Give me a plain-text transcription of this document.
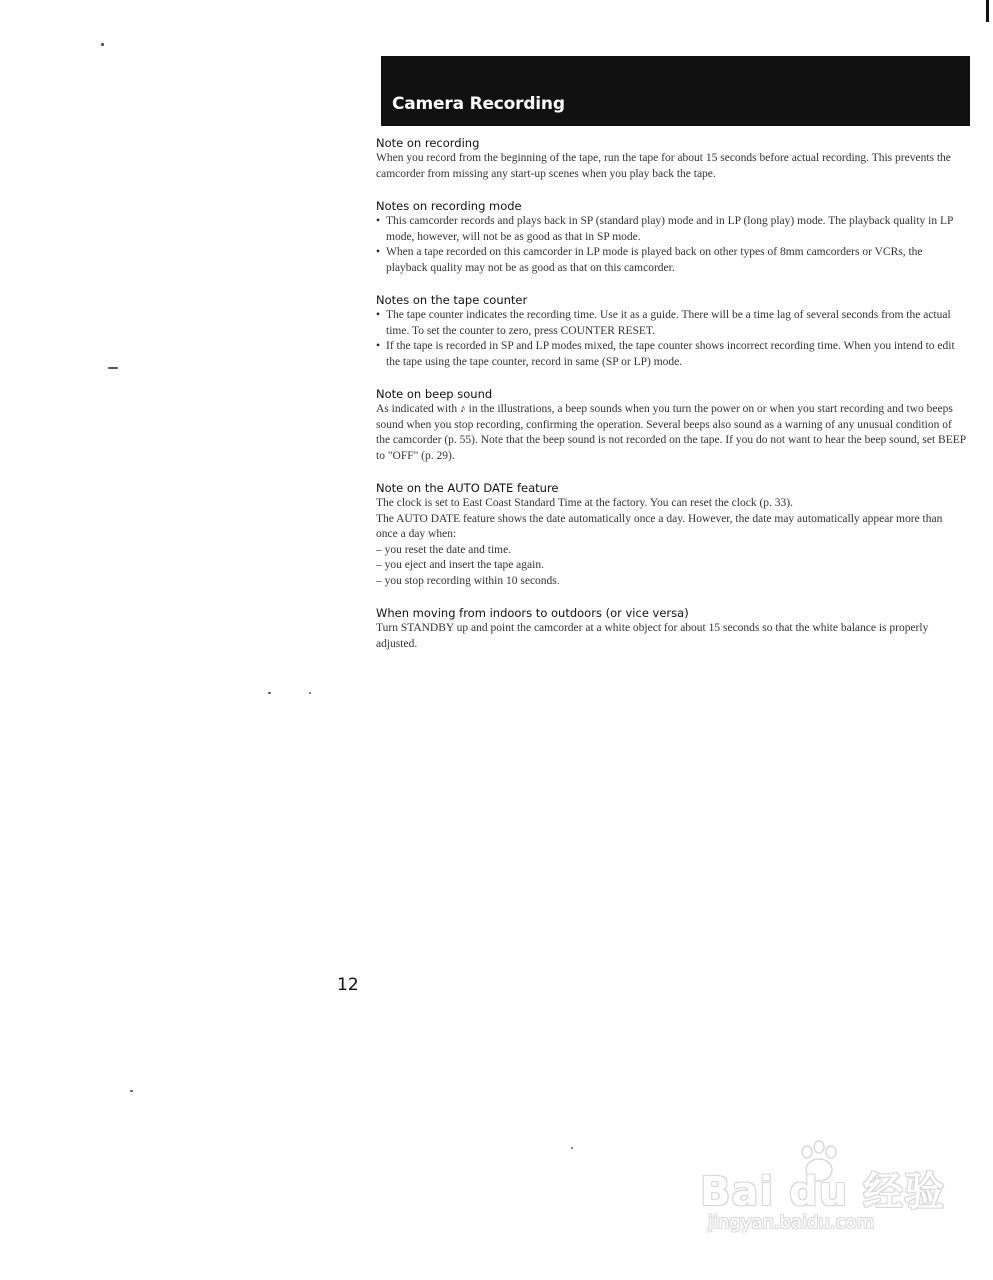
Camera Recording
Note on recording

When you record from the beginning of the tape, run the tape for about 15 seconds before actual recording. This prevents the camcorder from missing any start-up scenes when you play back the tape.

Notes on recording mode
• This camcorder records and plays back in SP (standard play) mode and in LP (long play) mode. The playback quality in LP mode, however, will not be as good as that in SP mode.
• When a tape recorded on this camcorder in LP mode is played back on other types of 8mm camcorders or VCRs, the playback quality may not be as good as that on this camcorder.
Notes on the tape counter
• The tape counter indicates the recording time. Use it as a guide. There will be a time lag of several seconds from the actual time. To set the counter to zero, press COUNTER RESET.
• If the tape is recorded in SP and LP modes mixed, the tape counter shows incorrect recording time. When you intend to edit the tape using the tape counter, record in same (SP or LP) mode.
Note on beep sound

As indicated with ♪ in the illustrations, a beep sounds when you turn the power on or when you start recording and two beeps sound when you stop recording, confirming the operation. Several beeps also sound as a warning of any unusual condition of the camcorder (p. 55). Note that the beep sound is not recorded on the tape. If you do not want to hear the beep sound, set BEEP to "OFF" (p. 29).

Note on the AUTO DATE feature

The clock is set to East Coast Standard Time at the factory. You can reset the clock (p. 33).

The AUTO DATE feature shows the date automatically once a day. However, the date may automatically appear more than once a day when:

– you reset the date and time.

– you eject and insert the tape again.

– you stop recording within 10 seconds.

When moving from indoors to outdoors (or vice versa)

Turn STANDBY up and point the camcorder at a white object for about 15 seconds so that the white balance is properly adjusted.

12
Bai du 经验
jingyan.baidu.com
